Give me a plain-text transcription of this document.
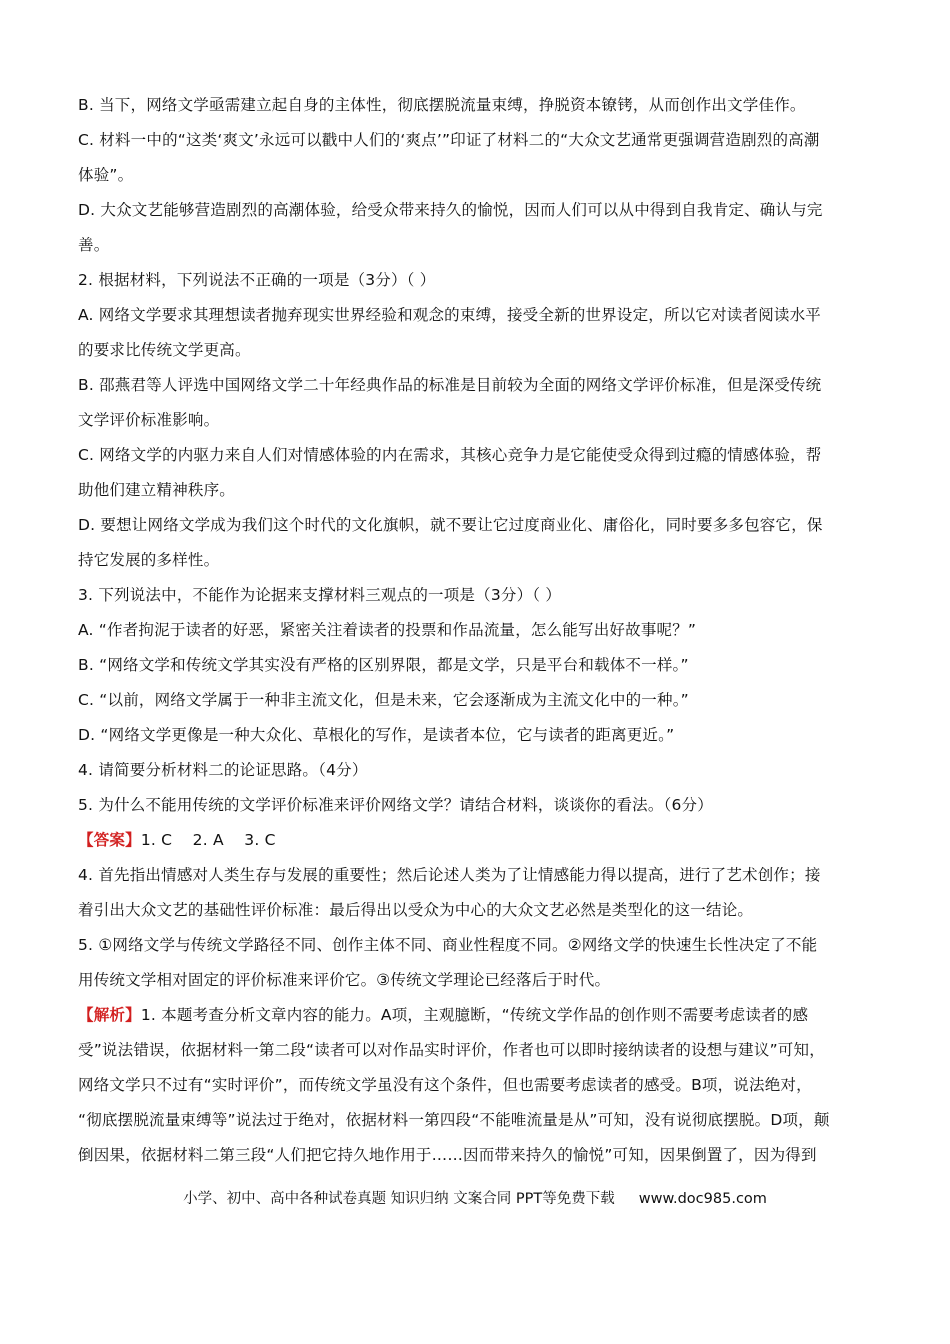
B. 当下，网络文学亟需建立起自身的主体性，彻底摆脱流量束缚，挣脱资本镣铐，从而创作出文学佳作。
C. 材料一中的“这类‘爽文’永远可以戳中人们的‘爽点’”印证了材料二的“大众文艺通常更强调营造剧烈的高潮
体验”。
D. 大众文艺能够营造剧烈的高潮体验，给受众带来持久的愉悦，因而人们可以从中得到自我肯定、确认与完
善。
2. 根据材料，下列说法不正确的一项是（3分）（ ）
A. 网络文学要求其理想读者抛弃现实世界经验和观念的束缚，接受全新的世界设定，所以它对读者阅读水平
的要求比传统文学更高。
B. 邵燕君等人评选中国网络文学二十年经典作品的标准是目前较为全面的网络文学评价标准，但是深受传统
文学评价标准影响。
C. 网络文学的内驱力来自人们对情感体验的内在需求，其核心竞争力是它能使受众得到过瘾的情感体验，帮
助他们建立精神秩序。
D. 要想让网络文学成为我们这个时代的文化旗帜，就不要让它过度商业化、庸俗化，同时要多多包容它，保
持它发展的多样性。
3. 下列说法中，不能作为论据来支撑材料三观点的一项是（3分）（ ）
A. “作者拘泥于读者的好恶，紧密关注着读者的投票和作品流量，怎么能写出好故事呢？”
B. “网络文学和传统文学其实没有严格的区别界限，都是文学，只是平台和载体不一样。”
C. “以前，网络文学属于一种非主流文化，但是未来，它会逐渐成为主流文化中的一种。”
D. “网络文学更像是一种大众化、草根化的写作，是读者本位，它与读者的距离更近。”
4. 请简要分析材料二的论证思路。（4分）
5. 为什么不能用传统的文学评价标准来评价网络文学？请结合材料，谈谈你的看法。（6分）
【答案】1. C    2. A    3. C
4. 首先指出情感对人类生存与发展的重要性；然后论述人类为了让情感能力得以提高，进行了艺术创作；接
着引出大众文艺的基础性评价标准：最后得出以受众为中心的大众文艺必然是类型化的这一结论。
5. ①网络文学与传统文学路径不同、创作主体不同、商业性程度不同。②网络文学的快速生长性决定了不能
用传统文学相对固定的评价标准来评价它。③传统文学理论已经落后于时代。
【解析】1. 本题考查分析文章内容的能力。A项，主观臆断，“传统文学作品的创作则不需要考虑读者的感
受”说法错误，依据材料一第二段“读者可以对作品实时评价，作者也可以即时接纳读者的设想与建议”可知，
网络文学只不过有“实时评价”，而传统文学虽没有这个条件，但也需要考虑读者的感受。B项，说法绝对，
“彻底摆脱流量束缚等”说法过于绝对，依据材料一第四段“不能唯流量是从”可知，没有说彻底摆脱。D项，颠
倒因果，依据材料二第三段“人们把它持久地作用于……因而带来持久的愉悦”可知，因果倒置了，因为得到
小学、初中、高中各种试卷真题 知识归纳 文案合同 PPT等免费下载 www.doc985.com
